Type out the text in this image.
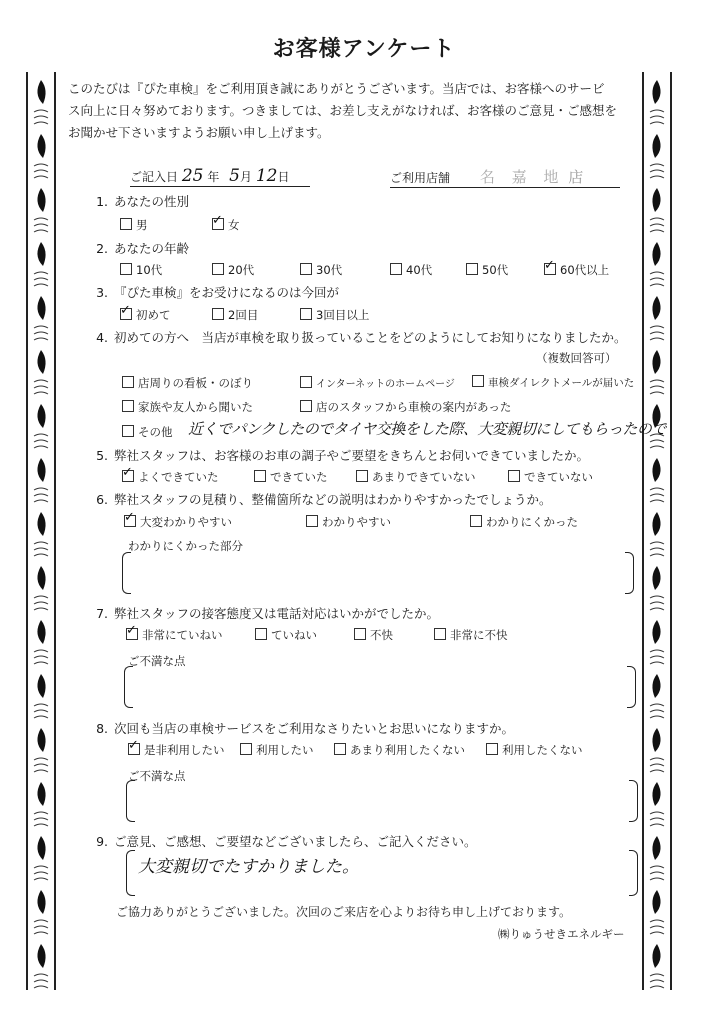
お客様アンケート
このたびは『ぴた車検』をご利用頂き誠にありがとうございます。当店では、お客様へのサービ
ス向上に日々努めております。つきましては、お差し支えがなければ、お客様のご意見・ご感想を
お聞かせ下さいますようお願い申し上げます。
ご記入日 25 年 5月 12日	ご利用店舗 名 嘉 地 店
1. あなたの性別
男 ✓	女
2. あなたの年齢
10代	20代	30代	40代	50代 ✓	60代以上
3. 『ぴた車検』をお受けになるのは今回が
✓初めて	2回目	3回目以上
4. 初めての方へ　当店が車検を取り扱っていることをどのようにしてお知りになりましたか。
（複数回答可）
店周りの看板・のぼり	インターネットのホームページ	車検ダイレクトメールが届いた
家族や友人から聞いた	店のスタッフから車検の案内があった
その他 近くでパンクしたのでタイヤ交換をした際、大変親切にしてもらったので
5. 弊社スタッフは、お客様のお車の調子やご要望をきちんとお伺いできていましたか。
✓よくできていた	できていた	あまりできていない	できていない
6. 弊社スタッフの見積り、整備箇所などの説明はわかりやすかったでしょうか。
✓大変わかりやすい	わかりやすい	わかりにくかった
わかりにくかった部分
7. 弊社スタッフの接客態度又は電話対応はいかがでしたか。
✓非常にていねい	ていねい	不快	非常に不快
ご不満な点
8. 次回も当店の車検サービスをご利用なさりたいとお思いになりますか。
✓是非利用したい	利用したい	あまり利用したくない	利用したくない
ご不満な点
9. ご意見、ご感想、ご要望などございましたら、ご記入ください。
大変親切でたすかりました。
ご協力ありがとうございました。次回のご来店を心よりお待ち申し上げております。
㈱りゅうせきエネルギー
